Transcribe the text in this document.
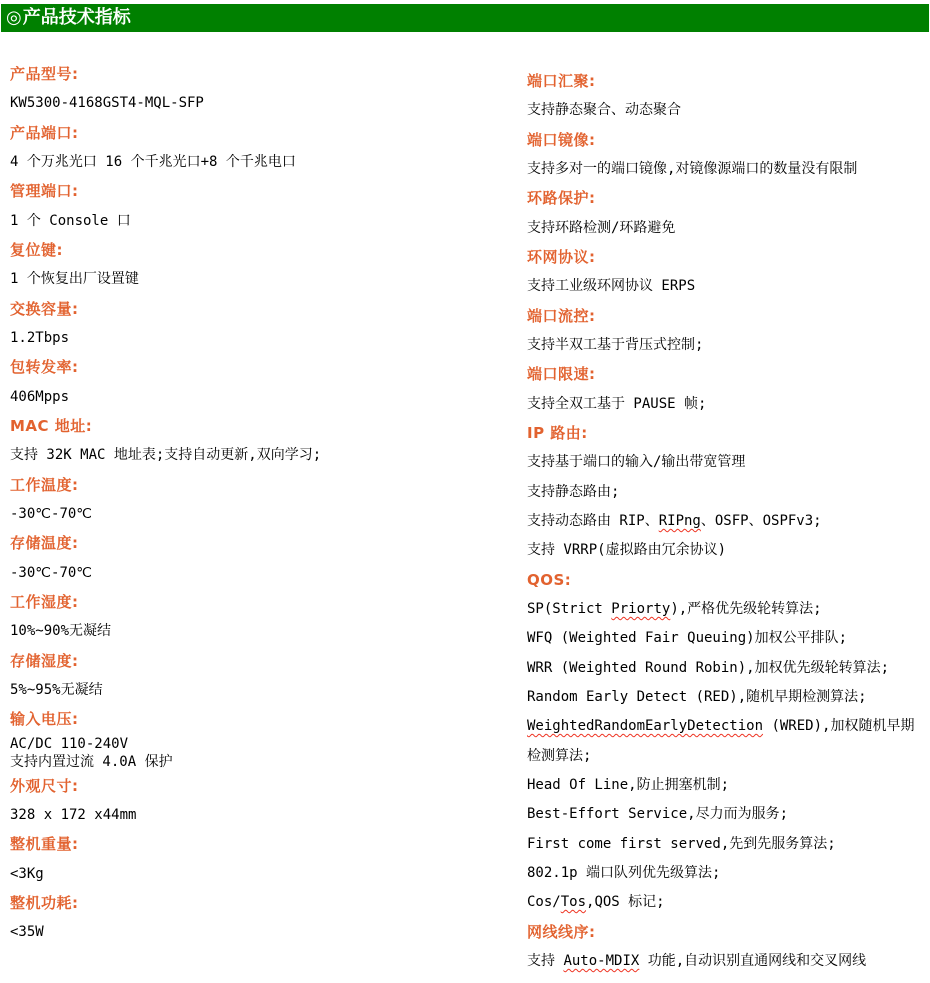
◎产品技术指标
产品型号:
KW5300-4168GST4-MQL-SFP
产品端口:
4 个万兆光口 16 个千兆光口+8 个千兆电口
管理端口:
1 个 Console 口
复位键:
1 个恢复出厂设置键
交换容量:
1.2Tbps
包转发率:
406Mpps
MAC 地址:
支持 32K MAC 地址表;支持自动更新,双向学习;
工作温度:
-30℃-70℃
存储温度:
-30℃-70℃
工作湿度:
10%~90%无凝结
存储湿度:
5%~95%无凝结
输入电压:
AC/DC 110-240V
支持内置过流 4.0A 保护
外观尺寸:
328 x 172 x44mm
整机重量:
<3Kg
整机功耗:
<35W
端口汇聚:
支持静态聚合、动态聚合
端口镜像:
支持多对一的端口镜像,对镜像源端口的数量没有限制
环路保护:
支持环路检测/环路避免
环网协议:
支持工业级环网协议 ERPS
端口流控:
支持半双工基于背压式控制;
端口限速:
支持全双工基于 PAUSE 帧;
IP 路由:
支持基于端口的输入/输出带宽管理
支持静态路由;
支持动态路由 RIP、RIPng、OSFP、OSPFv3;
支持 VRRP(虚拟路由冗余协议)
QOS:
SP(Strict Priorty),严格优先级轮转算法;
WFQ (Weighted Fair Queuing)加权公平排队;
WRR (Weighted Round Robin),加权优先级轮转算法;
Random Early Detect (RED),随机早期检测算法;
WeightedRandomEarlyDetection (WRED),加权随机早期
检测算法;
Head Of Line,防止拥塞机制;
Best-Effort Service,尽力而为服务;
First come first served,先到先服务算法;
802.1p 端口队列优先级算法;
Cos/Tos,QOS 标记;
网线线序:
支持 Auto-MDIX 功能,自动识别直通网线和交叉网线
